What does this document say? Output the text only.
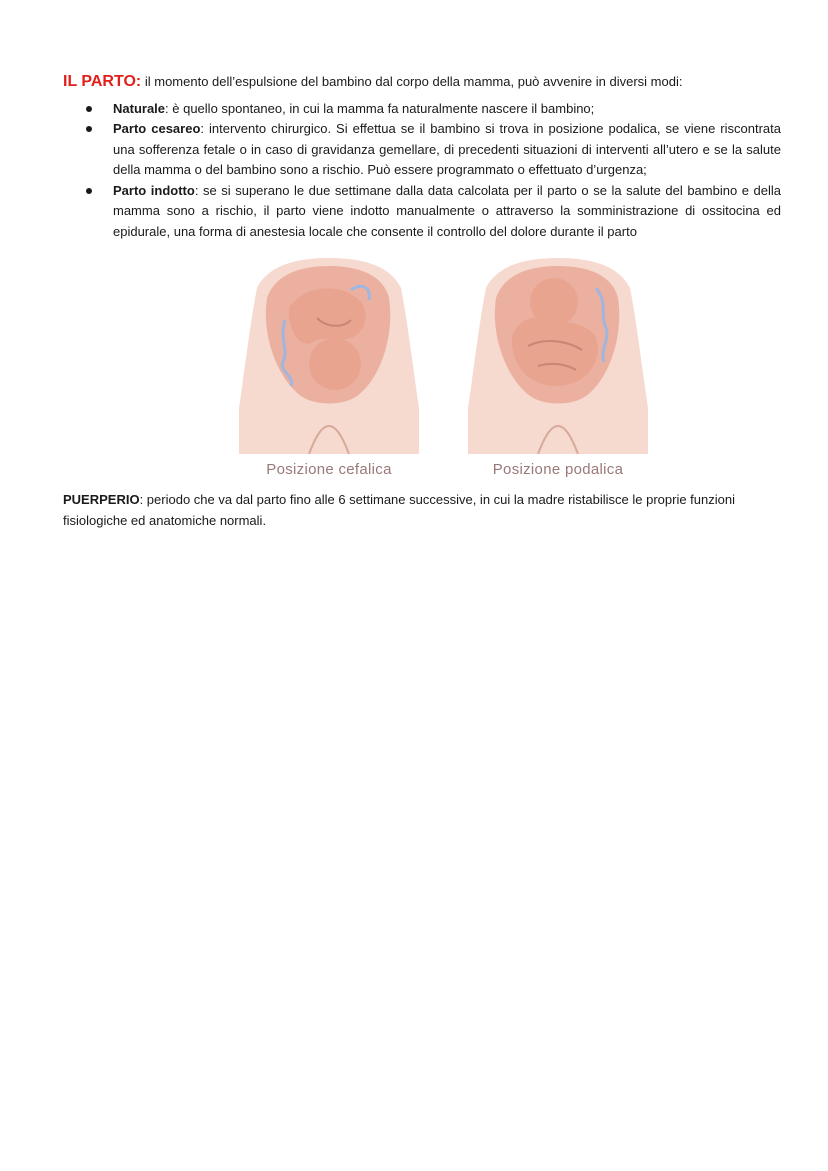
IL PARTO: il momento dell’espulsione del bambino dal corpo della mamma, può avvenire in diversi modi:

Naturale: è quello spontaneo, in cui la mamma fa naturalmente nascere il bambino;
Parto cesareo: intervento chirurgico. Si effettua se il bambino si trova in posizione podalica, se viene riscontrata una sofferenza fetale o in caso di gravidanza gemellare, di precedenti situazioni di interventi all’utero e se la salute della mamma o del bambino sono a rischio. Può essere programmato o effettuato d’urgenza;
Parto indotto: se si superano le due settimane dalla data calcolata per il parto o se la salute del bambino e della mamma sono a rischio, il parto viene indotto manualmente o attraverso la somministrazione di ossitocina ed epidurale, una forma di anestesia locale che consente il controllo del dolore durante il parto
Posizione cefalica	Posizione podalica

PUERPERIO: periodo che va dal parto fino alle 6 settimane successive, in cui la madre ristabilisce le proprie funzioni fisiologiche ed anatomiche normali.
